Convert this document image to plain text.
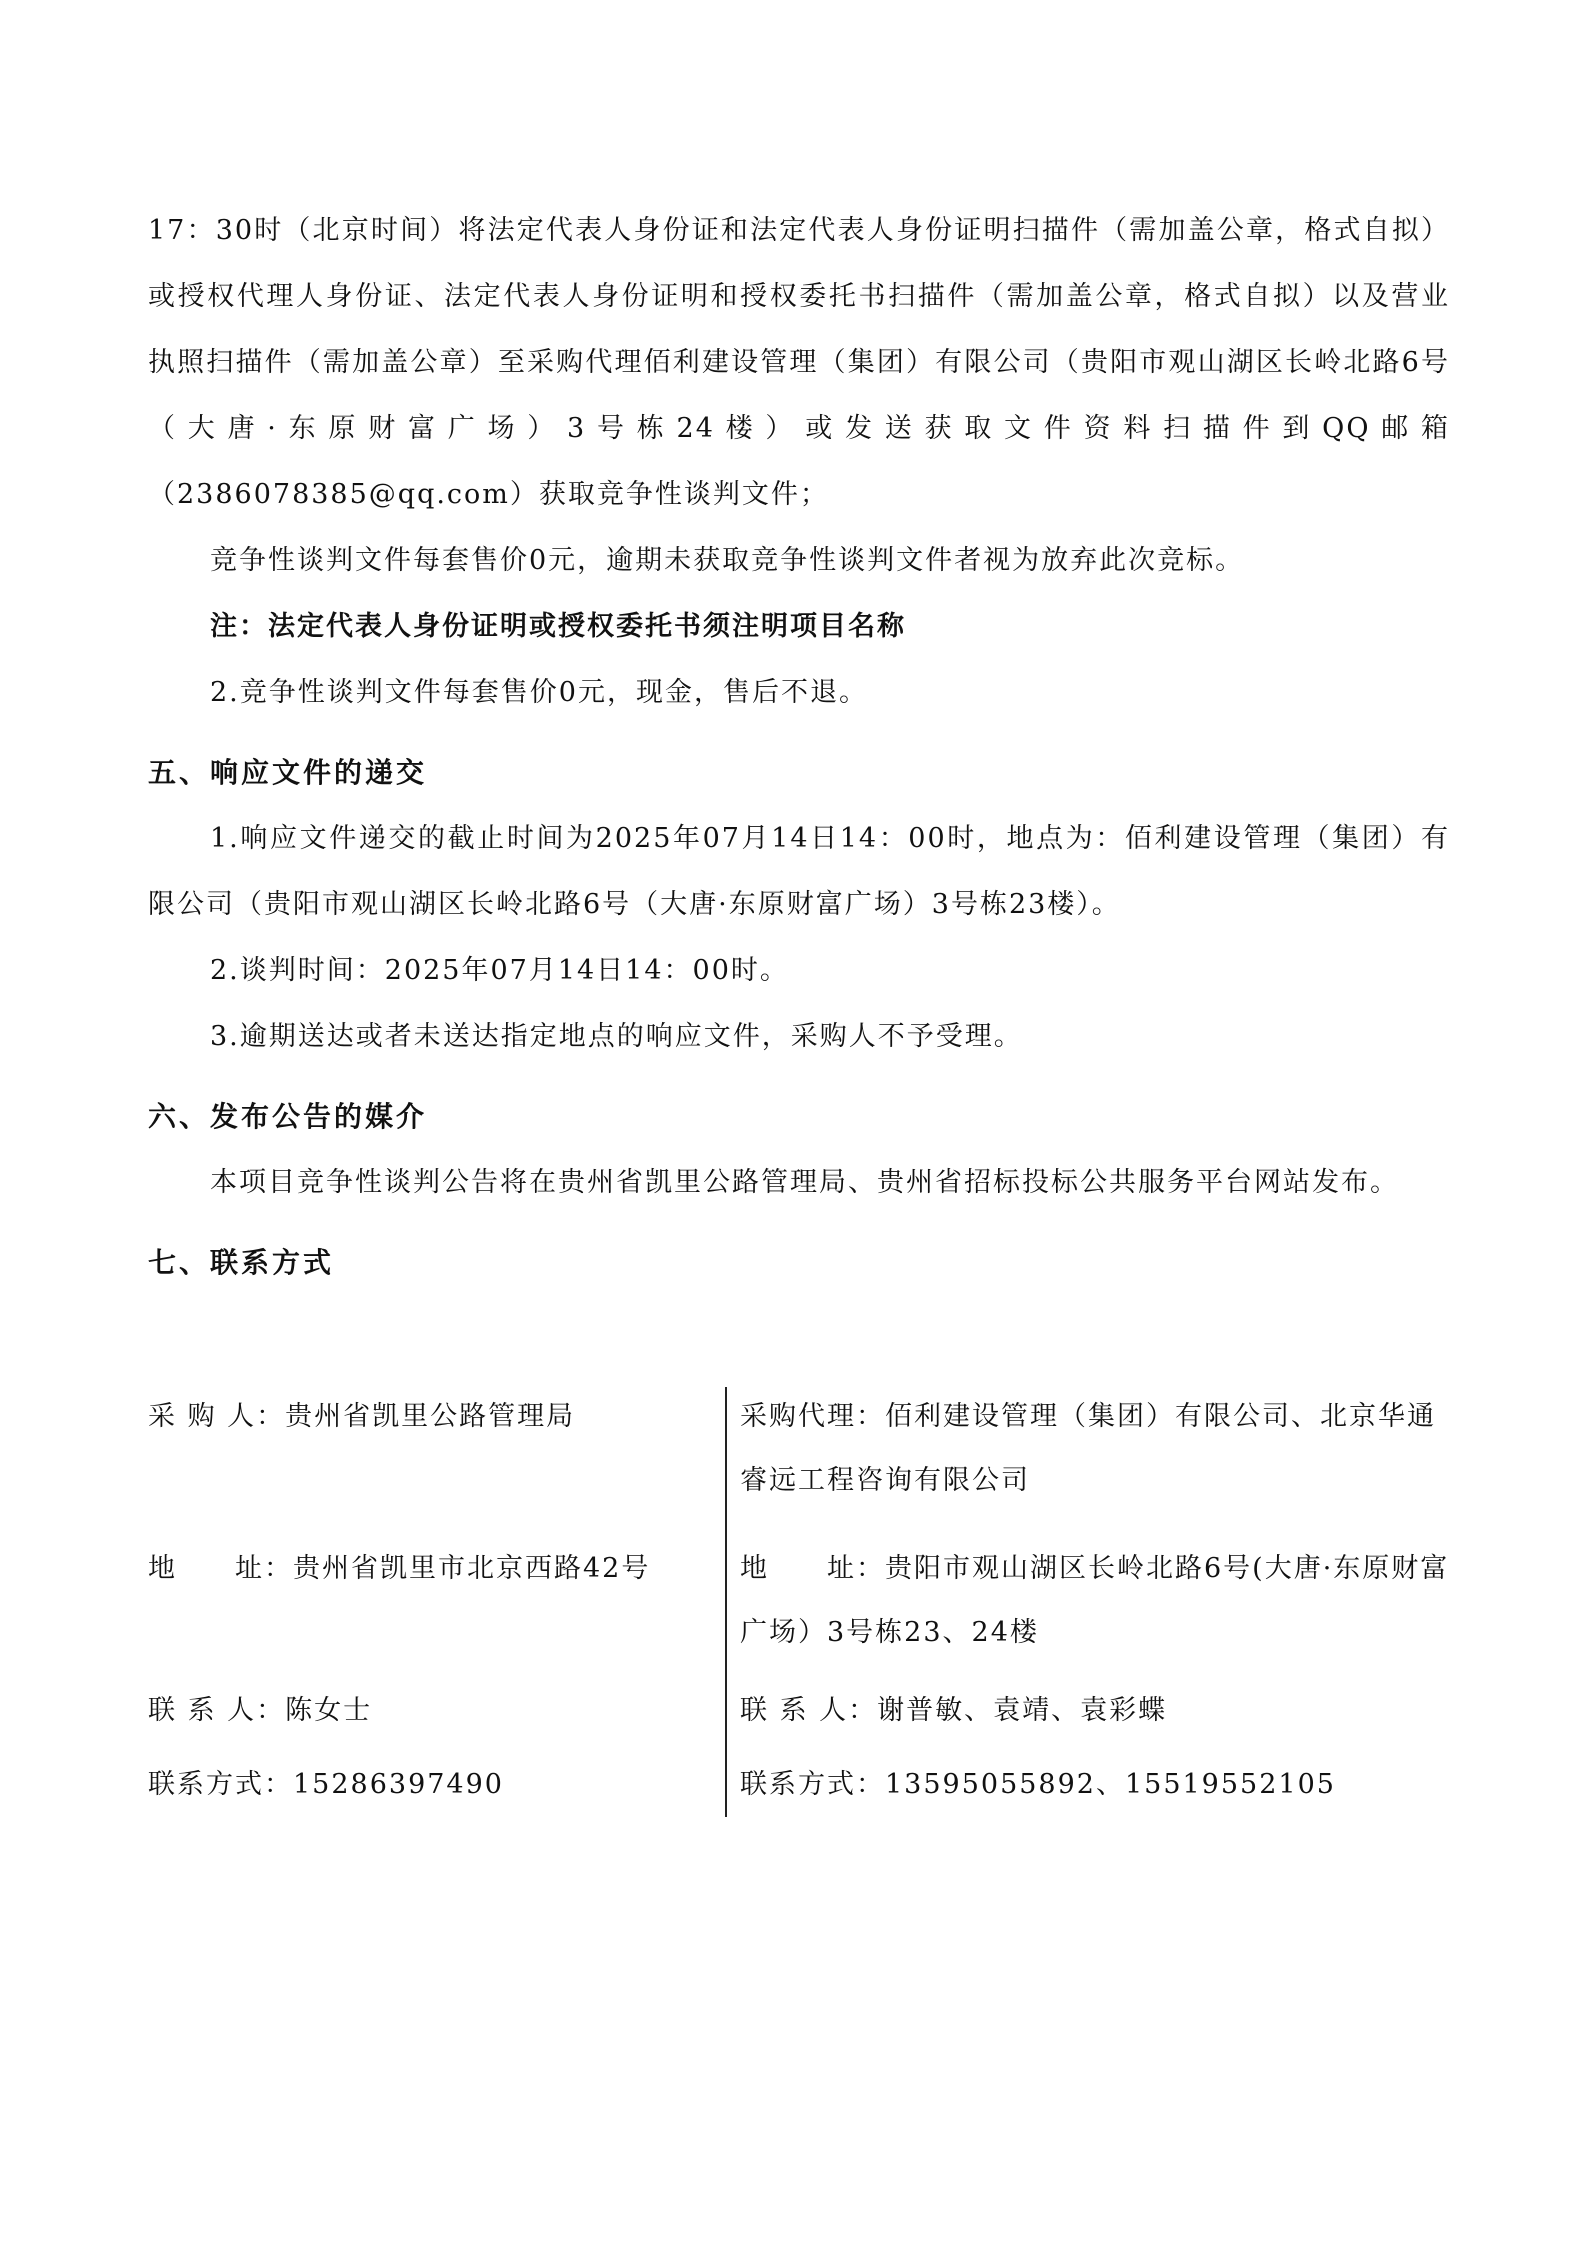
17：30时（北京时间）将法定代表人身份证和法定代表人身份证明扫描件（需加盖公章，格式自拟）或授权代理人身份证、法定代表人身份证明和授权委托书扫描件（需加盖公章，格式自拟）以及营业执照扫描件（需加盖公章）至采购代理佰利建设管理（集团）有限公司（贵阳市观山湖区长岭北路6号（大唐·东原财富广场）3号栋24楼）或发送获取文件资料扫描件到QQ邮箱（2386078385@qq.com）获取竞争性谈判文件；

竞争性谈判文件每套售价0元，逾期未获取竞争性谈判文件者视为放弃此次竞标。

注：法定代表人身份证明或授权委托书须注明项目名称

2.竞争性谈判文件每套售价0元，现金，售后不退。

五、响应文件的递交

1.响应文件递交的截止时间为2025年07月14日14：00时，地点为：佰利建设管理（集团）有限公司（贵阳市观山湖区长岭北路6号（大唐·东原财富广场）3号栋23楼）。

2.谈判时间：2025年07月14日14：00时。

3.逾期送达或者未送达指定地点的响应文件，采购人不予受理。

六、发布公告的媒介

本项目竞争性谈判公告将在贵州省凯里公路管理局、贵州省招标投标公共服务平台网站发布。

七、联系方式

采 购 人：贵州省凯里公路管理局
地　　址：贵州省凯里市北京西路42号
联 系 人：陈女士
联系方式：15286397490
采购代理：佰利建设管理（集团）有限公司、北京华通睿远工程咨询有限公司
地　　址：贵阳市观山湖区长岭北路6号(大唐·东原财富广场）3号栋23、24楼
联 系 人：谢普敏、袁靖、袁彩蝶
联系方式：13595055892、15519552105
